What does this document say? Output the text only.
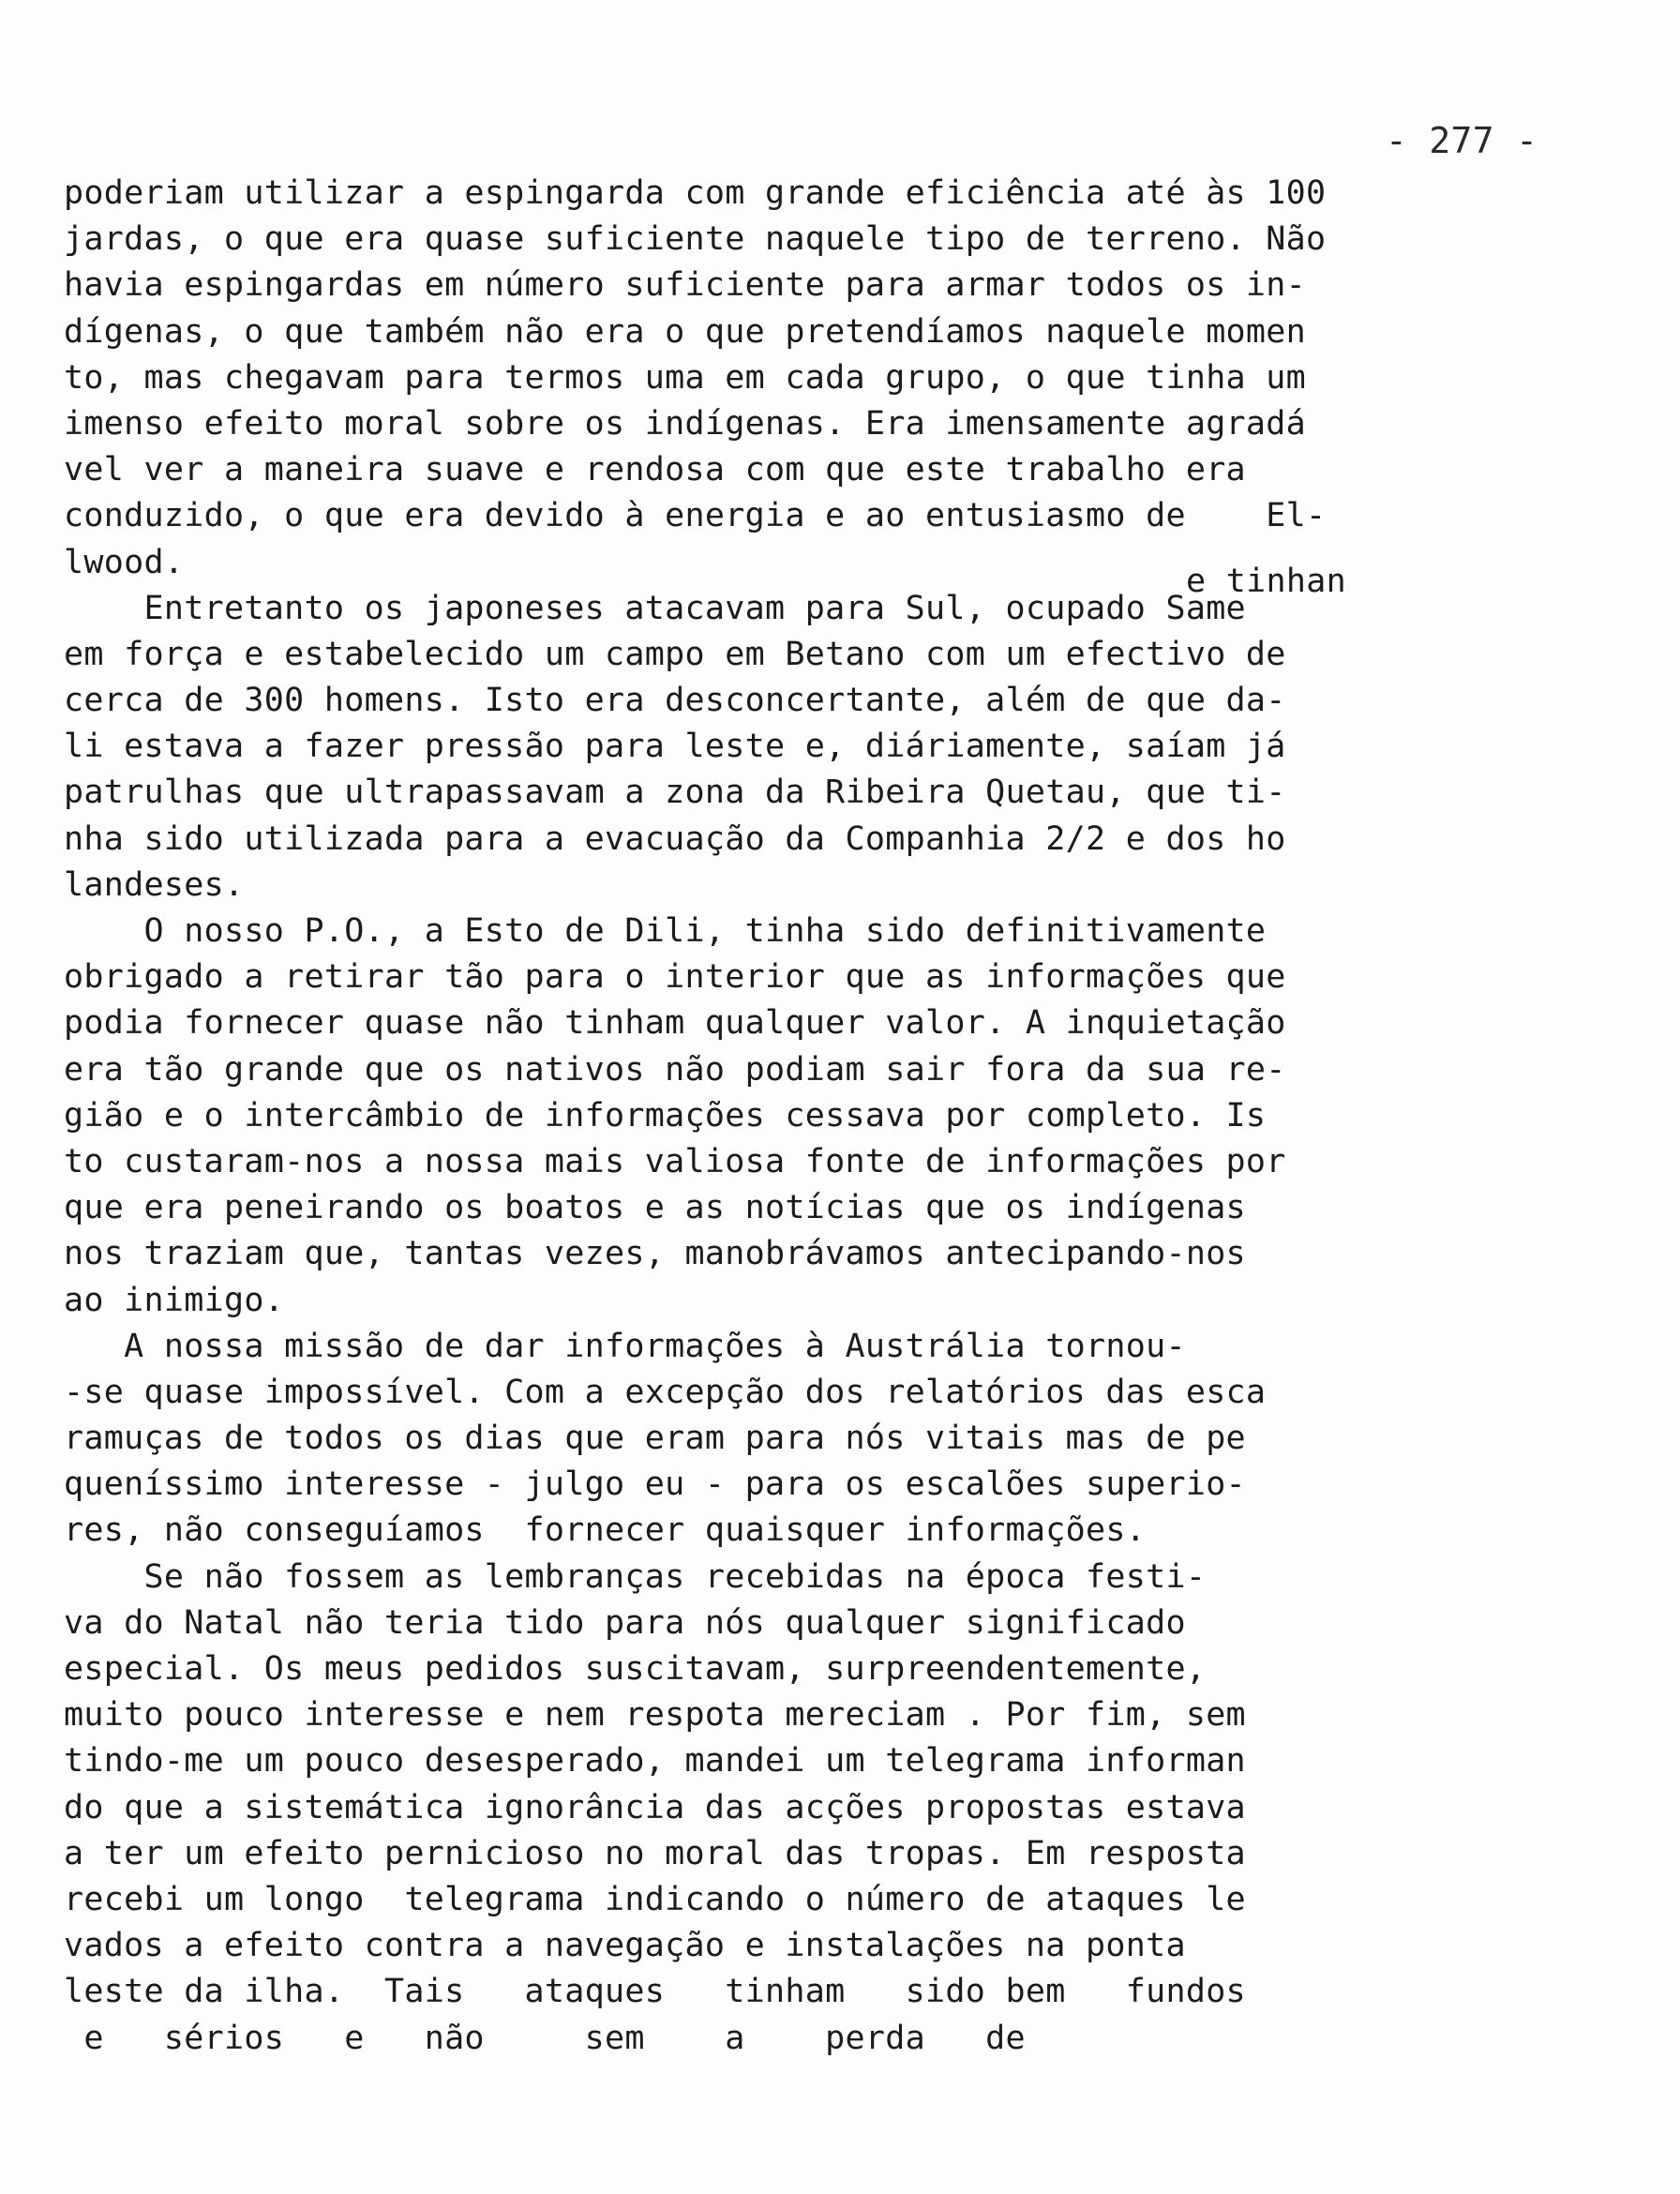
- 277 -
e tinhan
poderiam utilizar a espingarda com grande eficiência até às 100
jardas, o que era quase suficiente naquele tipo de terreno. Não
havia espingardas em número suficiente para armar todos os in-
dígenas, o que também não era o que pretendíamos naquele momen
to, mas chegavam para termos uma em cada grupo, o que tinha um
imenso efeito moral sobre os indígenas. Era imensamente agradá
vel ver a maneira suave e rendosa com que este trabalho era
conduzido, o que era devido à energia e ao entusiasmo de    El-
lwood.
Entretanto os japoneses atacavam para Sul, ocupado Same
em força e estabelecido um campo em Betano com um efectivo de
cerca de 300 homens. Isto era desconcertante, além de que da-
li estava a fazer pressão para leste e, diáriamente, saíam já
patrulhas que ultrapassavam a zona da Ribeira Quetau, que ti-
nha sido utilizada para a evacuação da Companhia 2/2 e dos ho
landeses.
O nosso P.O., a Esto de Dili, tinha sido definitivamente
obrigado a retirar tão para o interior que as informações que
podia fornecer quase não tinham qualquer valor. A inquietação
era tão grande que os nativos não podiam sair fora da sua re-
gião e o intercâmbio de informações cessava por completo. Is
to custaram-nos a nossa mais valiosa fonte de informações por
que era peneirando os boatos e as notícias que os indígenas
nos traziam que, tantas vezes, manobrávamos antecipando-nos
ao inimigo.
A nossa missão de dar informações à Austrália tornou-
-se quase impossível. Com a excepção dos relatórios das esca
ramuças de todos os dias que eram para nós vitais mas de pe
queníssimo interesse - julgo eu - para os escalões superio-
res, não conseguíamos  fornecer quaisquer informações.
Se não fossem as lembranças recebidas na época festi-
va do Natal não teria tido para nós qualquer significado
especial. Os meus pedidos suscitavam, surpreendentemente,
muito pouco interesse e nem respota mereciam . Por fim, sem
tindo-me um pouco desesperado, mandei um telegrama informan
do que a sistemática ignorância das acções propostas estava
a ter um efeito pernicioso no moral das tropas. Em resposta
recebi um longo  telegrama indicando o número de ataques le
vados a efeito contra a navegação e instalações na ponta
leste da ilha.  Tais   ataques   tinham   sido bem   fundos
e   sérios   e   não     sem    a    perda   de
